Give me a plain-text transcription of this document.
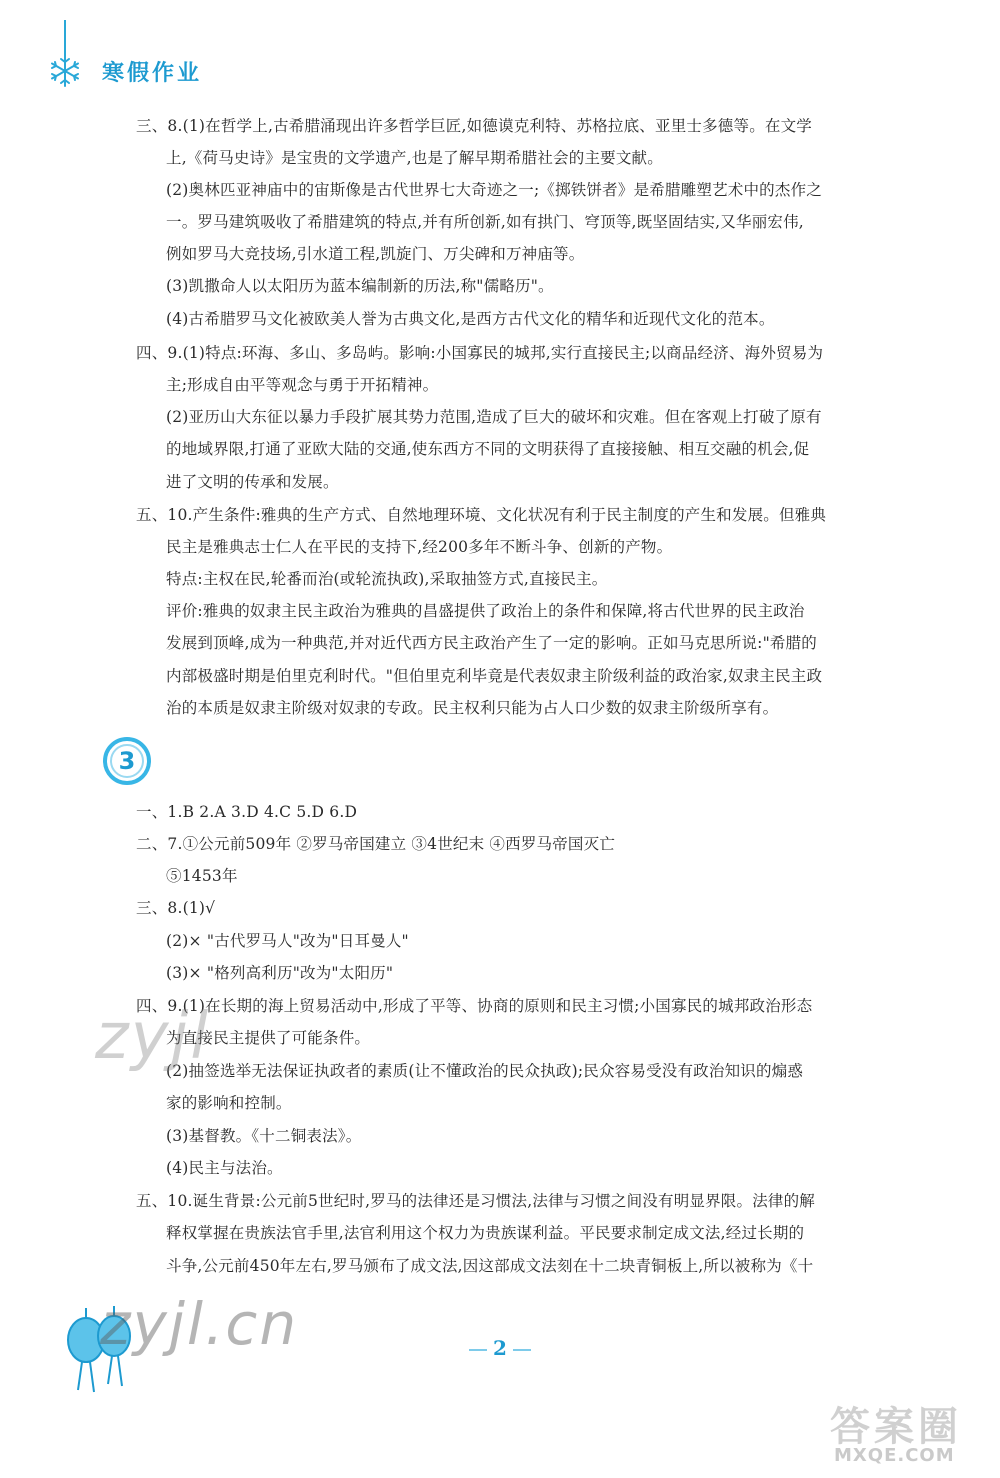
寒假作业
三、8.(1)在哲学上,古希腊涌现出许多哲学巨匠,如德谟克利特、苏格拉底、亚里士多德等。在文学
上,《荷马史诗》是宝贵的文学遗产,也是了解早期希腊社会的主要文献。
(2)奥林匹亚神庙中的宙斯像是古代世界七大奇迹之一;《掷铁饼者》是希腊雕塑艺术中的杰作之
一。罗马建筑吸收了希腊建筑的特点,并有所创新,如有拱门、穹顶等,既坚固结实,又华丽宏伟,
例如罗马大竞技场,引水道工程,凯旋门、万尖碑和万神庙等。
(3)凯撒命人以太阳历为蓝本编制新的历法,称"儒略历"。
(4)古希腊罗马文化被欧美人誉为古典文化,是西方古代文化的精华和近现代文化的范本。
四、9.(1)特点:环海、多山、多岛屿。影响:小国寡民的城邦,实行直接民主;以商品经济、海外贸易为
主;形成自由平等观念与勇于开拓精神。
(2)亚历山大东征以暴力手段扩展其势力范围,造成了巨大的破坏和灾难。但在客观上打破了原有
的地域界限,打通了亚欧大陆的交通,使东西方不同的文明获得了直接接触、相互交融的机会,促
进了文明的传承和发展。
五、10.产生条件:雅典的生产方式、自然地理环境、文化状况有利于民主制度的产生和发展。但雅典
民主是雅典志士仁人在平民的支持下,经200多年不断斗争、创新的产物。
特点:主权在民,轮番而治(或轮流执政),采取抽签方式,直接民主。
评价:雅典的奴隶主民主政治为雅典的昌盛提供了政治上的条件和保障,将古代世界的民主政治
发展到顶峰,成为一种典范,并对近代西方民主政治产生了一定的影响。正如马克思所说:"希腊的
内部极盛时期是伯里克利时代。"但伯里克利毕竟是代表奴隶主阶级利益的政治家,奴隶主民主政
治的本质是奴隶主阶级对奴隶的专政。民主权利只能为占人口少数的奴隶主阶级所享有。
一、1.B 2.A 3.D 4.C 5.D 6.D
二、7.①公元前509年 ②罗马帝国建立 ③4世纪末 ④西罗马帝国灭亡
⑤1453年
三、8.(1)√
(2)× "古代罗马人"改为"日耳曼人"
(3)× "格列高利历"改为"太阳历"
四、9.(1)在长期的海上贸易活动中,形成了平等、协商的原则和民主习惯;小国寡民的城邦政治形态
为直接民主提供了可能条件。
(2)抽签选举无法保证执政者的素质(让不懂政治的民众执政);民众容易受没有政治知识的煽惑
家的影响和控制。
(3)基督教。《十二铜表法》。
(4)民主与法治。
五、10.诞生背景:公元前5世纪时,罗马的法律还是习惯法,法律与习惯之间没有明显界限。法律的解
释权掌握在贵族法官手里,法官利用这个权力为贵族谋利益。平民要求制定成文法,经过长期的
斗争,公元前450年左右,罗马颁布了成文法,因这部成文法刻在十二块青铜板上,所以被称为《十
3
zyjl
zyjl.cn	2
答案圈
MXQE.COM
